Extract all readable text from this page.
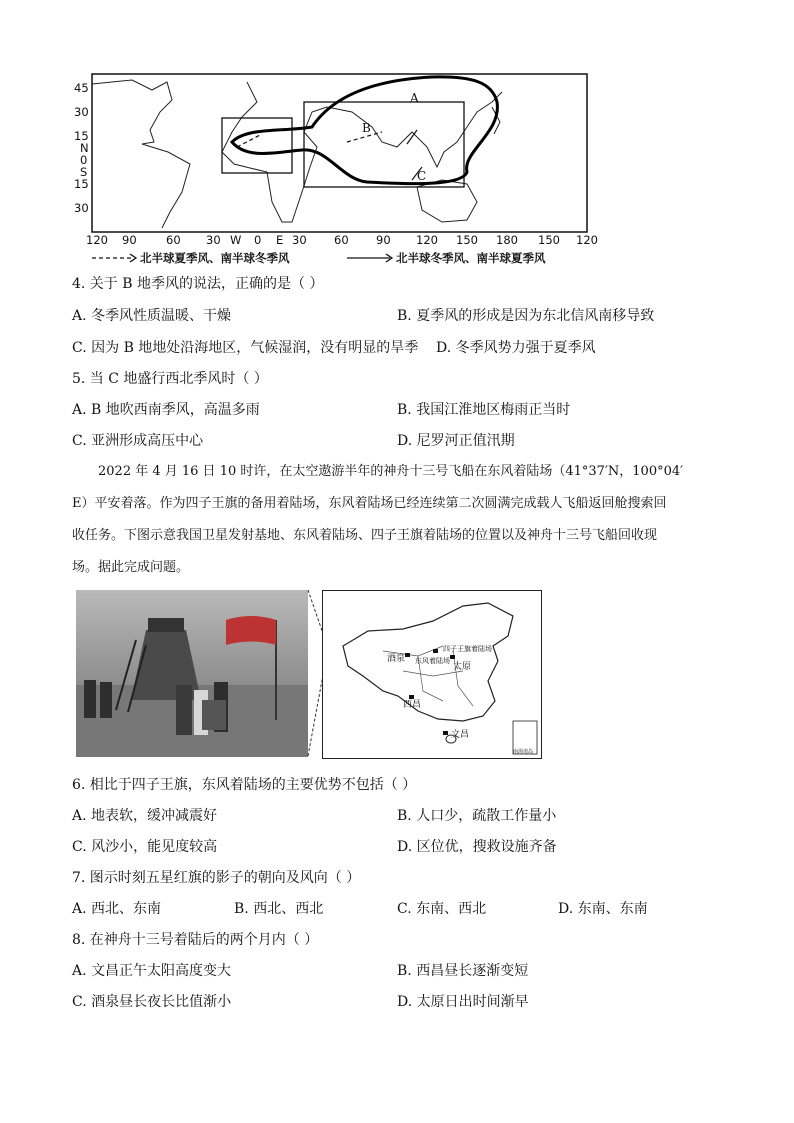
A
B
C
45
30
15
N
0
S
15
30
120 90	60 30 W 0 E 30 60 90 120 150 180 150 120
北半球夏季风、南半球冬季风	北半球冬季风、南半球夏季风
4. 关于 B 地季风的说法，正确的是（ ）
A. 冬季风性质温暖、干燥	B. 夏季风的形成是因为东北信风南移导致
C. 因为 B 地地处沿海地区，气候湿润，没有明显的旱季 D. 冬季风势力强于夏季风
5. 当 C 地盛行西北季风时（ ）
A. B 地吹西南季风，高温多雨	B. 我国江淮地区梅雨正当时
C. 亚洲形成高压中心	D. 尼罗河正值汛期

2022 年 4 月 16 日 10 时许，在太空遨游半年的神舟十三号飞船在东风着陆场（41°37′N，100°04′

E）平安着落。作为四子王旗的备用着陆场，东风着陆场已经连续第二次圆满完成载人飞船返回舱搜索回

收任务。下图示意我国卫星发射基地、东风着陆场、四子王旗着陆场的位置以及神舟十三号飞船回收现

场。据此完成问题。

酒泉 东风着陆场
四子王旗着陆场
太原
西昌
文昌
南海诸岛
6. 相比于四子王旗，东风着陆场的主要优势不包括（ ）
A. 地表软，缓冲减震好	B. 人口少，疏散工作量小
C. 风沙小，能见度较高	D. 区位优，搜救设施齐备
7. 图示时刻五星红旗的影子的朝向及风向（ ）
A. 西北、东南	B. 西北、西北	C. 东南、西北	D. 东南、东南
8. 在神舟十三号着陆后的两个月内（ ）
A. 文昌正午太阳高度变大	B. 西昌昼长逐渐变短
C. 酒泉昼长夜长比值渐小	D. 太原日出时间渐早
